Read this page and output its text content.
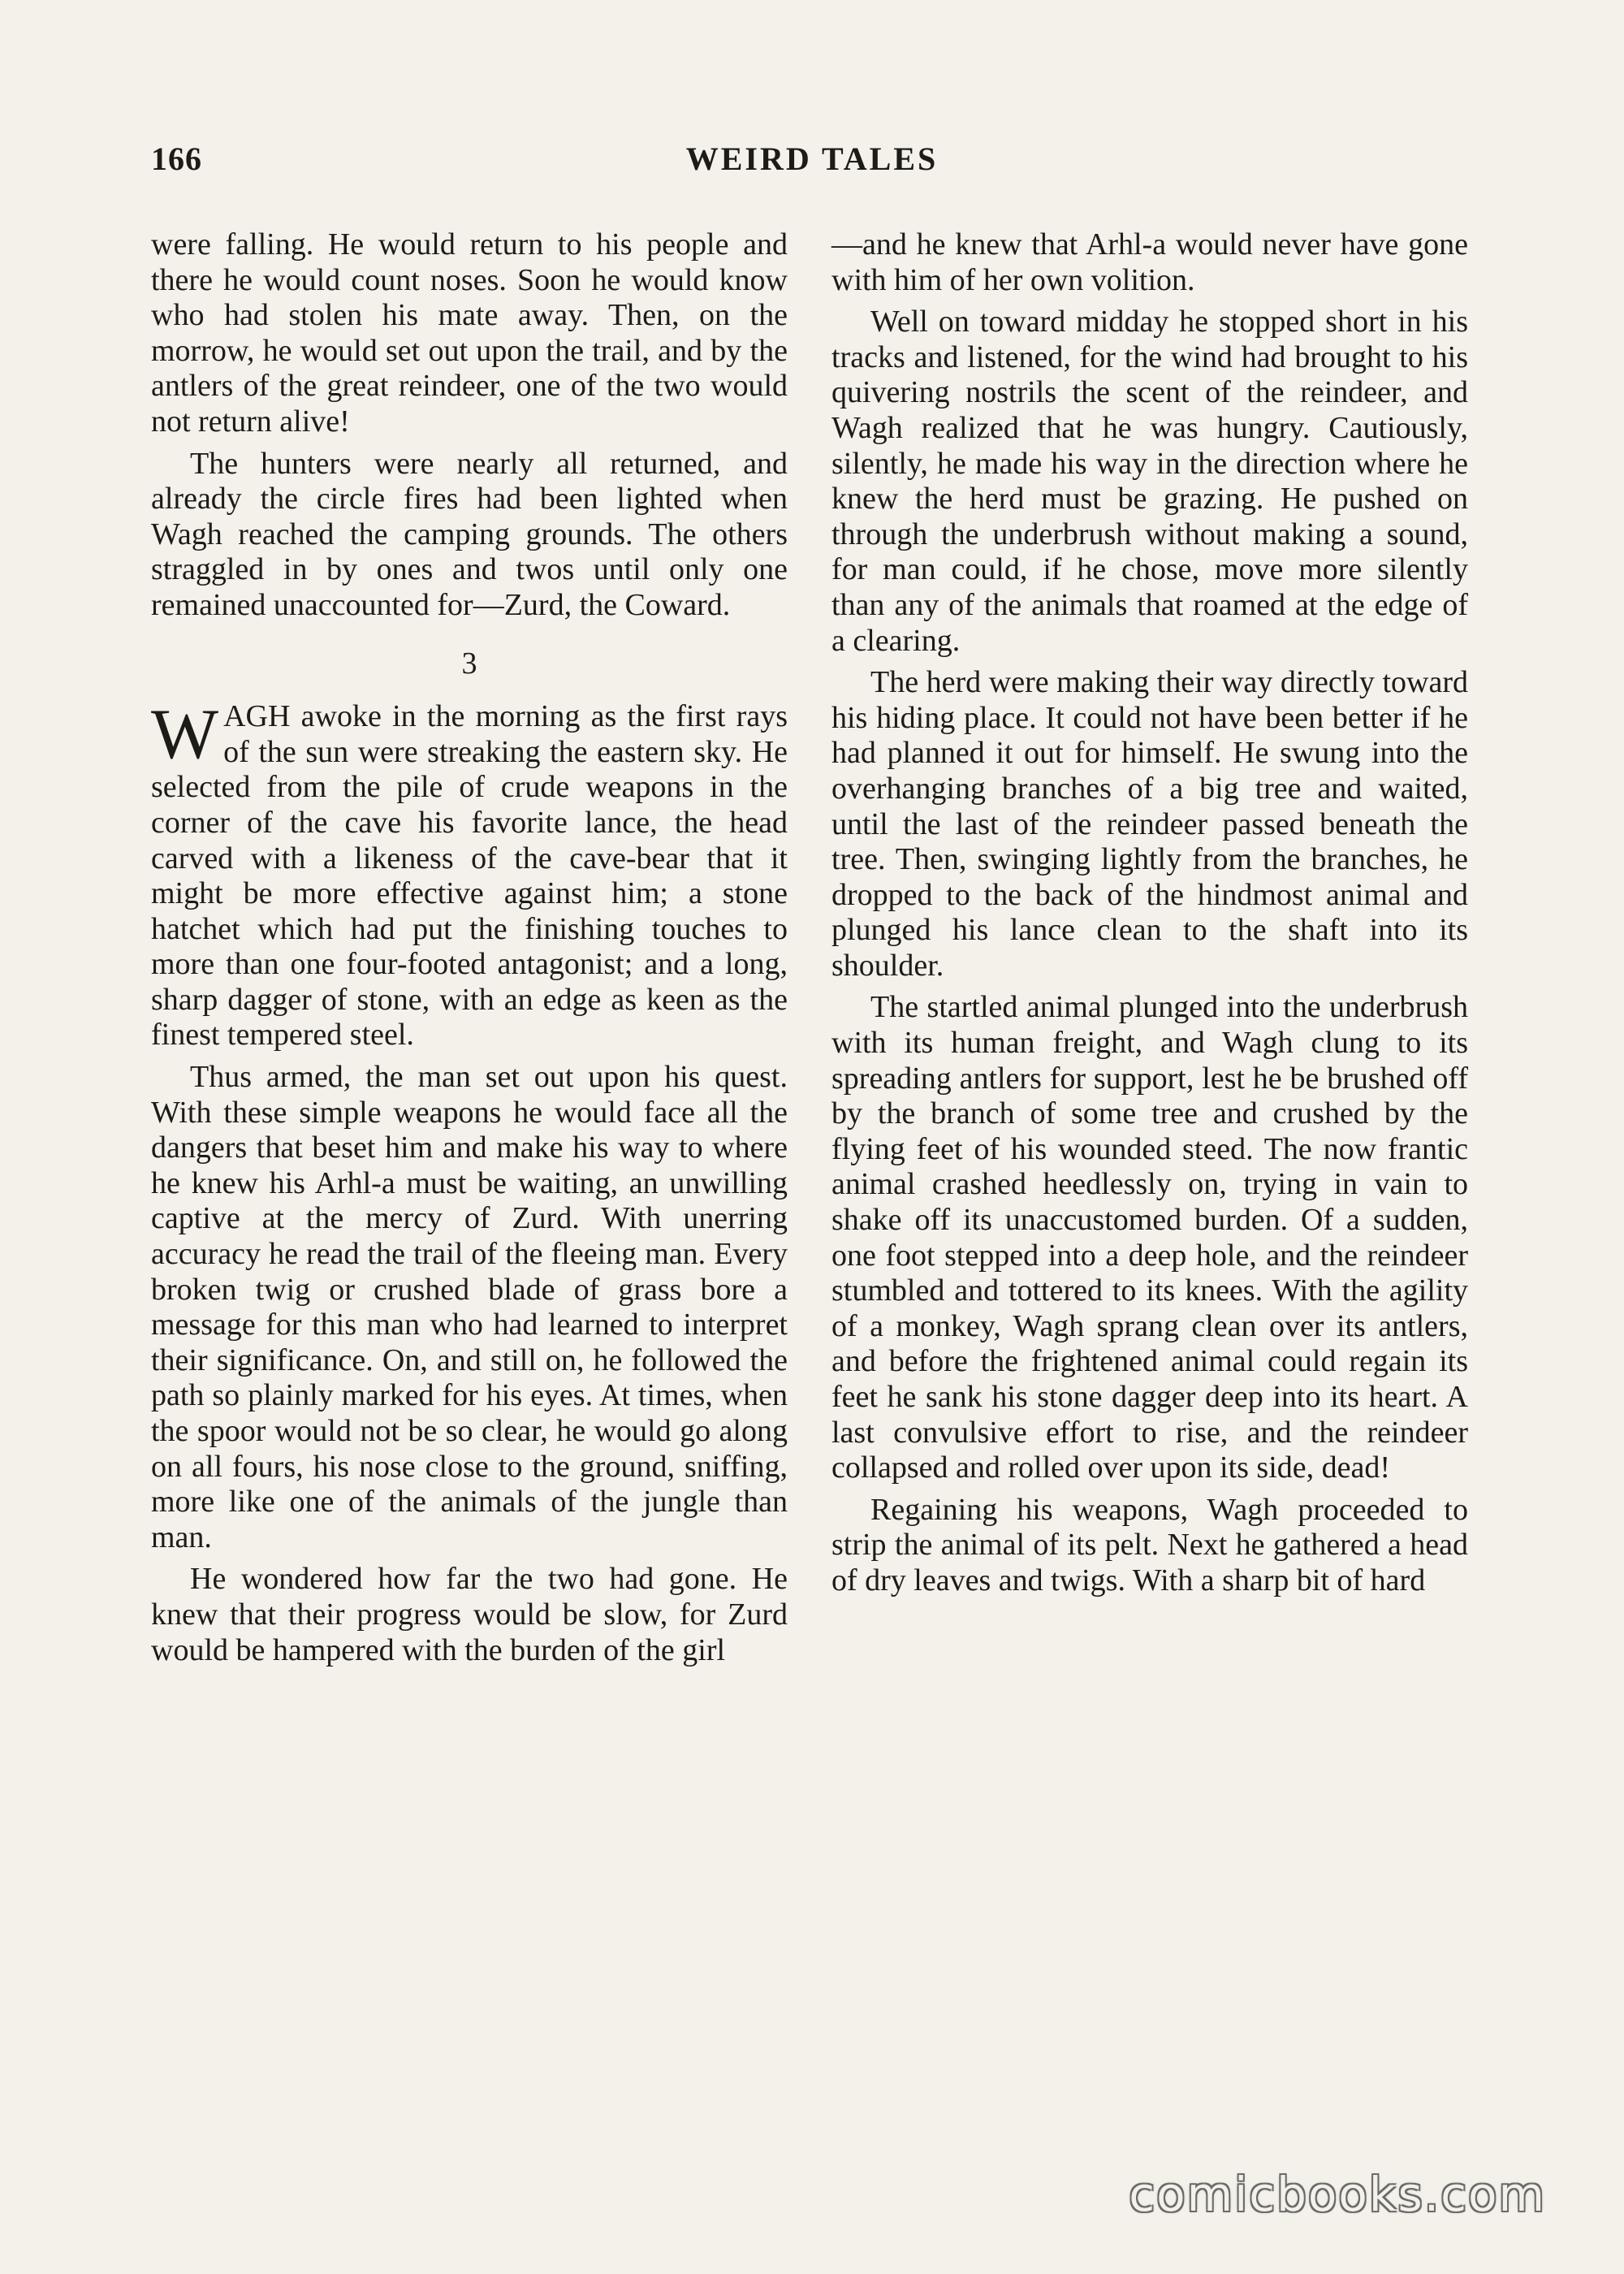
166	WEIRD TALES

were falling. He would return to his people and there he would count noses. Soon he would know who had stolen his mate away. Then, on the morrow, he would set out upon the trail, and by the antlers of the great reindeer, one of the two would not return alive!

The hunters were nearly all returned, and already the circle fires had been lighted when Wagh reached the camping grounds. The others straggled in by ones and twos until only one remained unaccounted for—Zurd, the Coward.

3

WAGH awoke in the morning as the first rays of the sun were streaking the eastern sky. He selected from the pile of crude weapons in the corner of the cave his favorite lance, the head carved with a likeness of the cave-bear that it might be more effective against him; a stone hatchet which had put the finishing touches to more than one four-footed antagonist; and a long, sharp dagger of stone, with an edge as keen as the finest tempered steel.

Thus armed, the man set out upon his quest. With these simple weapons he would face all the dangers that beset him and make his way to where he knew his Arhl-a must be waiting, an unwilling captive at the mercy of Zurd. With unerring accuracy he read the trail of the fleeing man. Every broken twig or crushed blade of grass bore a message for this man who had learned to interpret their significance. On, and still on, he followed the path so plainly marked for his eyes. At times, when the spoor would not be so clear, he would go along on all fours, his nose close to the ground, sniffing, more like one of the animals of the jungle than man.

He wondered how far the two had gone. He knew that their progress would be slow, for Zurd would be hampered with the burden of the girl

—and he knew that Arhl-a would never have gone with him of her own volition.

Well on toward midday he stopped short in his tracks and listened, for the wind had brought to his quivering nostrils the scent of the reindeer, and Wagh realized that he was hungry. Cautiously, silently, he made his way in the direction where he knew the herd must be grazing. He pushed on through the underbrush without making a sound, for man could, if he chose, move more silently than any of the animals that roamed at the edge of a clearing.

The herd were making their way directly toward his hiding place. It could not have been better if he had planned it out for himself. He swung into the overhanging branches of a big tree and waited, until the last of the reindeer passed beneath the tree. Then, swinging lightly from the branches, he dropped to the back of the hindmost animal and plunged his lance clean to the shaft into its shoulder.

The startled animal plunged into the underbrush with its human freight, and Wagh clung to its spreading antlers for support, lest he be brushed off by the branch of some tree and crushed by the flying feet of his wounded steed. The now frantic animal crashed heedlessly on, trying in vain to shake off its unaccustomed burden. Of a sudden, one foot stepped into a deep hole, and the reindeer stumbled and tottered to its knees. With the agility of a monkey, Wagh sprang clean over its antlers, and before the frightened animal could regain its feet he sank his stone dagger deep into its heart. A last convulsive effort to rise, and the reindeer collapsed and rolled over upon its side, dead!

Regaining his weapons, Wagh proceeded to strip the animal of its pelt. Next he gathered a head of dry leaves and twigs. With a sharp bit of hard

comicbooks.com
